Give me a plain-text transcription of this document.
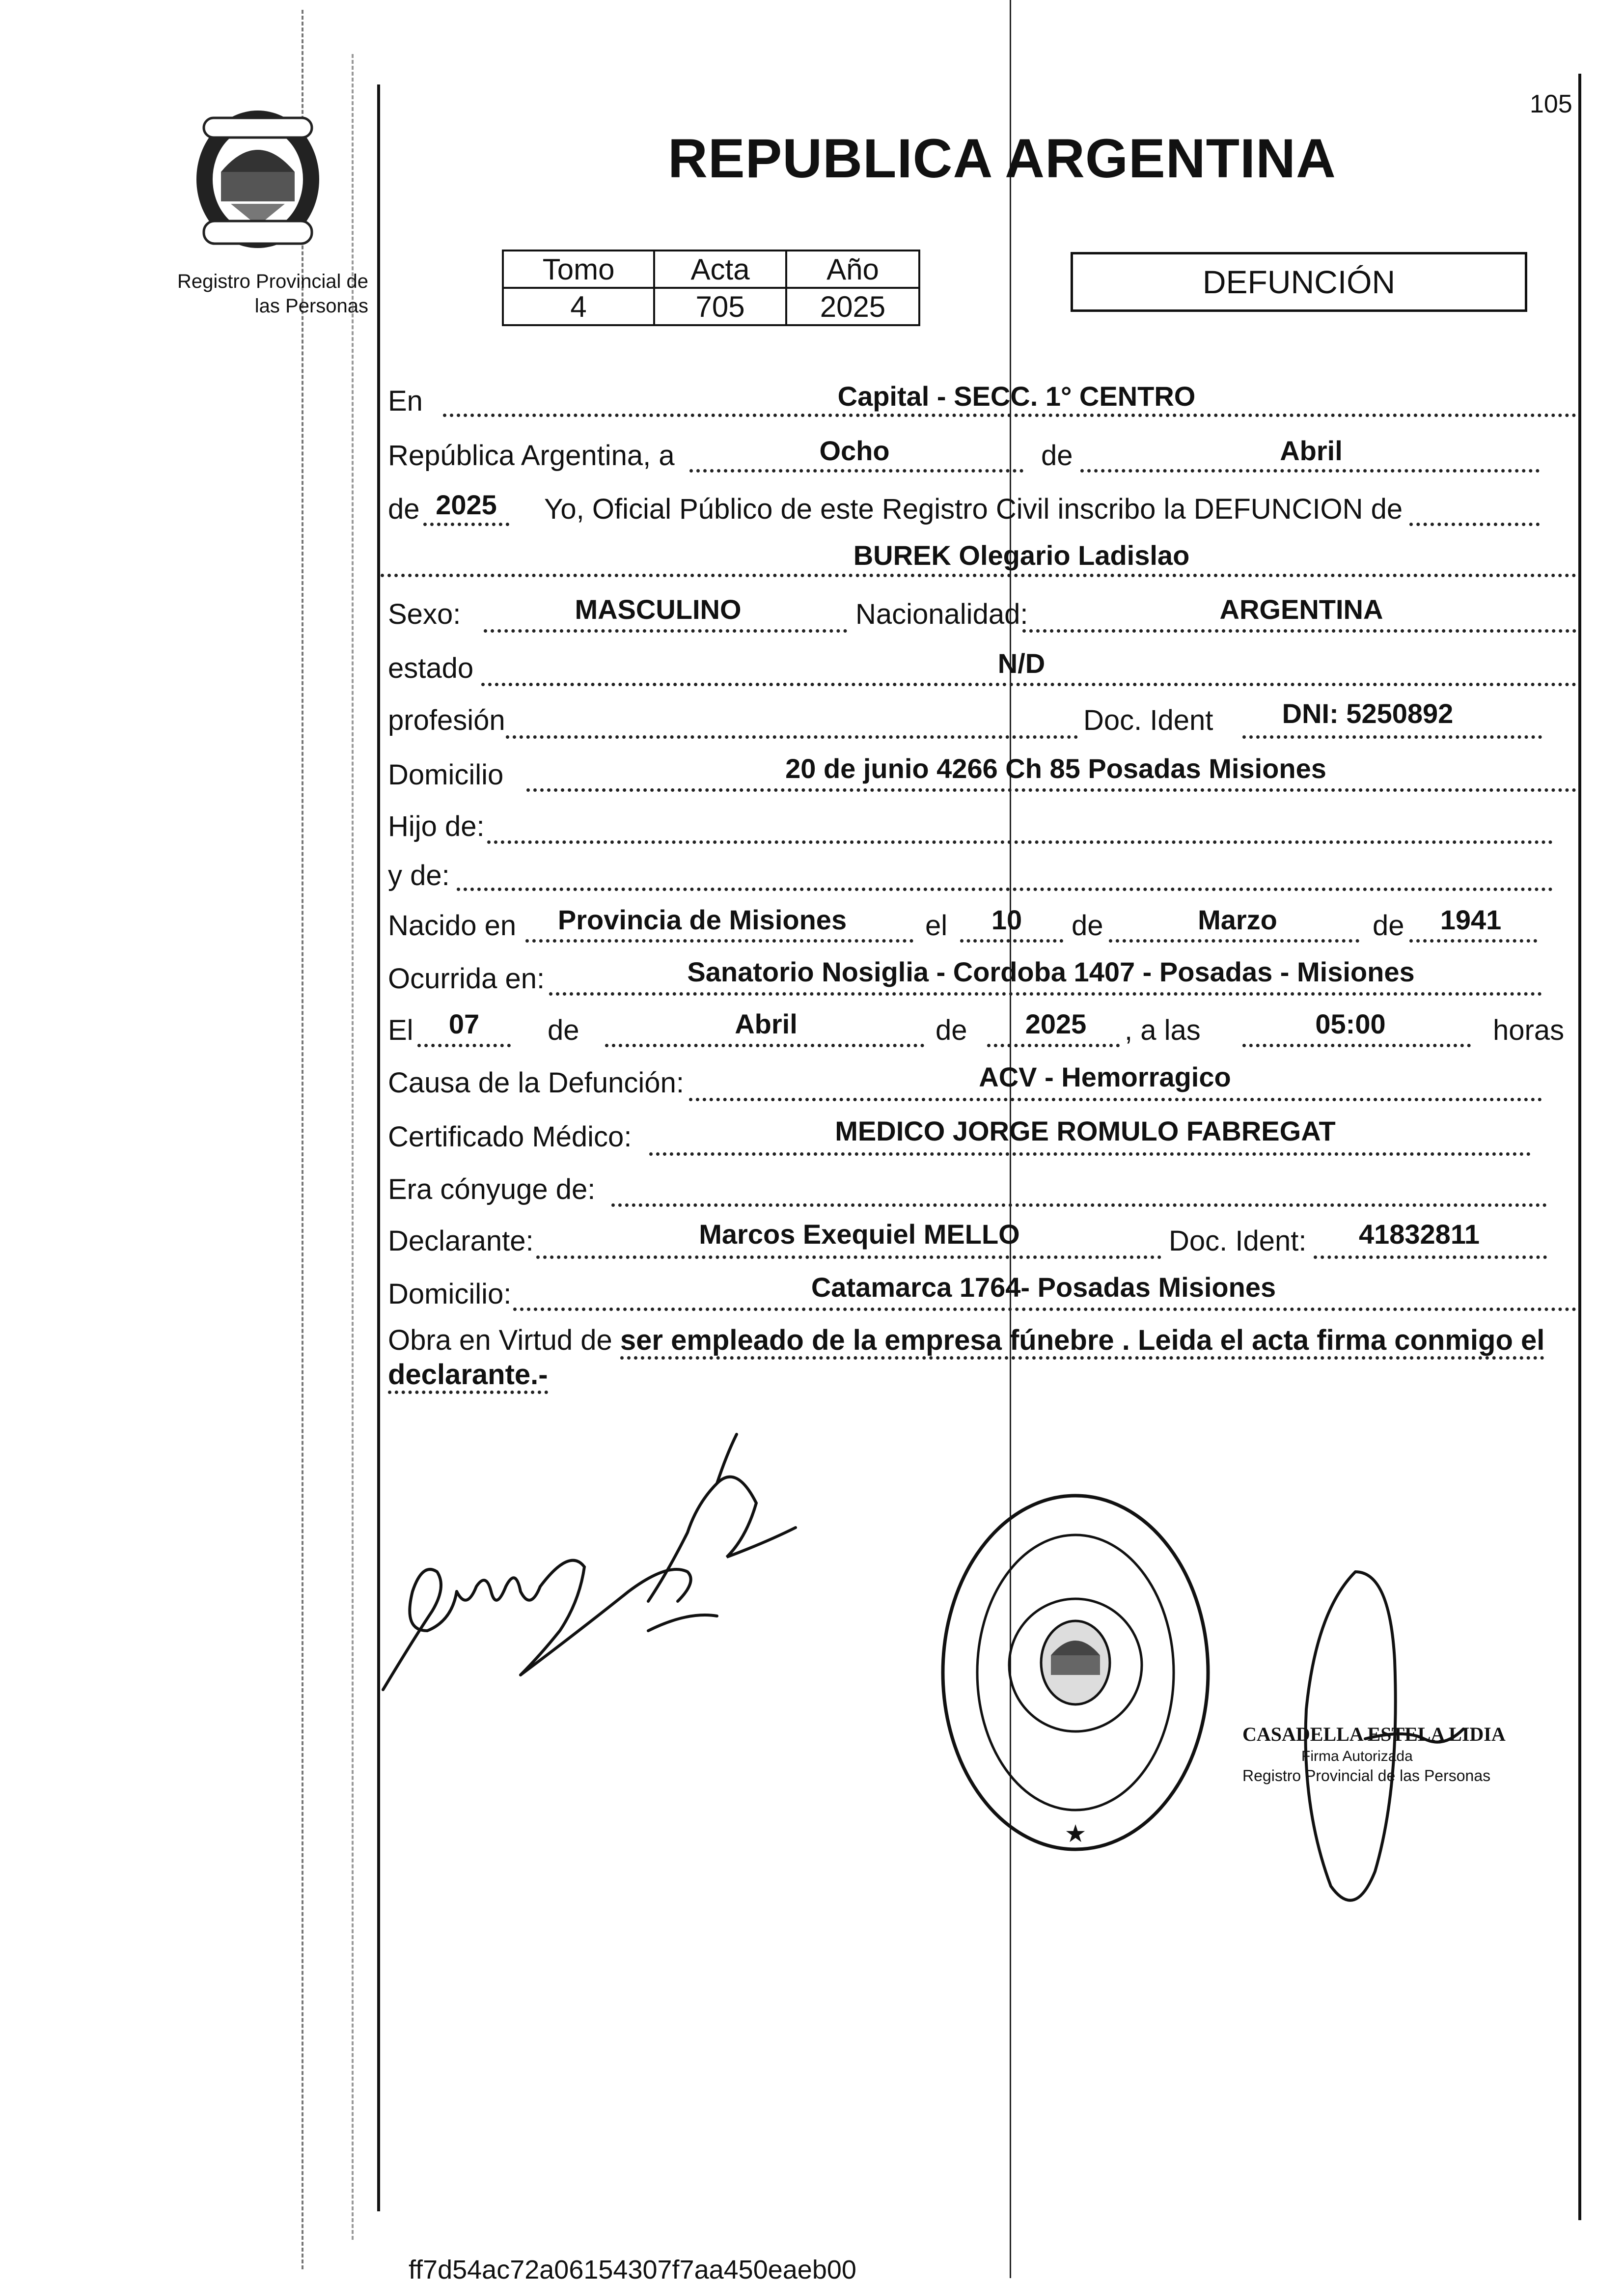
105
Registro Provincial de
las Personas
REPUBLICA ARGENTINA
Tomo	Acta	Año
4	705	2025
DEFUNCIÓN
En	Capital - SECC. 1° CENTRO
República Argentina, a	Ocho	de	Abril
de 2025	Yo, Oficial Público de este Registro Civil inscribo la DEFUNCION de
BUREK Olegario Ladislao
Sexo:	MASCULINO	Nacionalidad:	ARGENTINA
estado	N/D
profesión	Doc. Ident	DNI: 5250892
Domicilio	20 de junio 4266 Ch 85 Posadas Misiones
Hijo de:
y de:
Nacido en	Provincia de Misiones	el	10	de	Marzo	de	1941
Ocurrida en:	Sanatorio Nosiglia - Cordoba 1407 - Posadas - Misiones
El	07	de	Abril	de	2025	, a las	05:00	horas
Causa de la Defunción:	ACV - Hemorragico
Certificado Médico:	MEDICO JORGE ROMULO FABREGAT
Era cónyuge de:
Declarante:	Marcos Exequiel MELLO	Doc. Ident:	41832811
Domicilio:	Catamarca 1764- Posadas Misiones
Obra en Virtud de ser empleado de la empresa fúnebre . Leida el acta firma conmigo el
declarante.-
★
CASADELLA ESTELA LIDIA
Firma Autorizada
Registro Provincial de las Personas
ff7d54ac72a06154307f7aa450eaeb00
